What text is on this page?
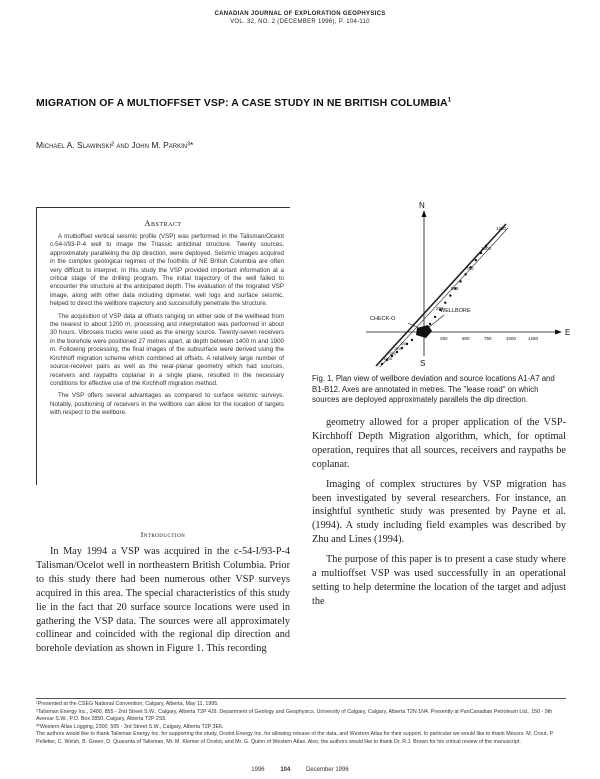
CANADIAN JOURNAL OF EXPLORATION GEOPHYSICS
VOL. 32, NO. 2 (DECEMBER 1996), P. 104-110
MIGRATION OF A MULTIOFFSET VSP: A CASE STUDY IN NE BRITISH COLUMBIA$^1$
Michael A. Slawinski² and John M. Parkin³*
Abstract

A multioffset vertical seismic profile (VSP) was performed in the Talisman/Ocelot c-54-I/93-P-4 well to image the Triassic anticlinal structure. Twenty sources, approximately paralleling the dip direction, were deployed. Seismic images acquired in the complex geological regimes of the foothills of NE British Columbia are often very difficult to interpret. In this study the VSP provided important information at a critical stage of the drilling program. The initial trajectory of the well failed to encounter the structure at the anticipated depth. The evaluation of the migrated VSP image, along with other data including dipmeter, well logs and surface seismic, helped to direct the wellbore trajectory and successfully penetrate the structure.

The acquisition of VSP data at offsets ranging on either side of the wellhead from the nearest to about 1200 m, processing and interpretation was performed in about 30 hours. Vibroseis trucks were used as the energy source. Twenty-seven receivers in the borehole were positioned 27 metres apart, at depth between 1400 m and 1900 m. Following processing, the final images of the subsurface were derived using the Kirchhoff migration scheme which combined all offsets. A relatively large number of source-receiver pairs as well as the near-planar geometry which had sources, receivers and raypaths coplanar in a single plane, resulted in the necessary conditions for effective use of the Kirchhoff migration method.

The VSP offers several advantages as compared to surface seismic surveys. Notably, positioning of receivers in the wellbore can allow for the location of targets with respect to the wellbore.

Introduction

In May 1994 a VSP was acquired in the c-54-I/93-P-4 Talisman/Ocelot well in northeastern British Columbia. Prior to this study there had been numerous other VSP surveys acquired in this area. The special characteristics of this study lie in the fact that 20 surface source locations were used in gathering the VSP data. The sources were all approximately collinear and coincided with the regional dip direction and borehole deviation as shown in Figure 1. This recording

N
S
E
CHECK-O
WELLBORE
1250
1000
750
500
250
250	500	750	1000	1250
-250
-500
-750
-1000
Fig. 1. Plan view of wellbore deviation and source locations A1-A7 and B1-B12. Axes are annotated in metres. The "lease road" on which sources are deployed approximately parallels the dip direction.

geometry allowed for a proper application of the VSP-Kirchhoff Depth Migration algorithm, which, for optimal operation, requires that all sources, receivers and raypaths be coplanar.

Imaging of complex structures by VSP migration has been investigated by several researchers. For instance, an insightful synthetic study was presented by Payne et al. (1994). A study including field examples was described by Zhu and Lines (1994).

The purpose of this paper is to present a case study where a multioffset VSP was used successfully in an operational setting to help determine the location of the target and adjust the

¹Presented at the CSEG National Convention, Calgary, Alberta, May 11, 1995.

²Talisman Energy Inc., 2400, 855 - 2nd Street S.W., Calgary, Alberta T2P 4J9. Department of Geology and Geophysics, University of Calgary, Calgary, Alberta T2N 1N4. Presently at PanCanadian Petroleum Ltd., 150 - 9th Avenue S.W., P.O. Box 2850, Calgary, Alberta T2P 2S5.

³*Western Atlas Logging, 2300, 505 - 3rd Street S.W., Calgary, Alberta T2P 3E6.

The authors would like to thank Talisman Energy Inc. for supporting the study, Ocelot Energy Inc. for allowing release of the data, and Western Atlas for their support. In particular we would like to thank Messrs. M. Crout, P. Pelletier, C. Welsh, B. Green, D. Quaranta of Talisman, Mr. M. Klemer of Ocelot, and Mr. G. Quinn of Western Atlas. Also, the authors would like to thank Dr. R.J. Brown for his critical review of the manuscript.

1996	104	December 1996
